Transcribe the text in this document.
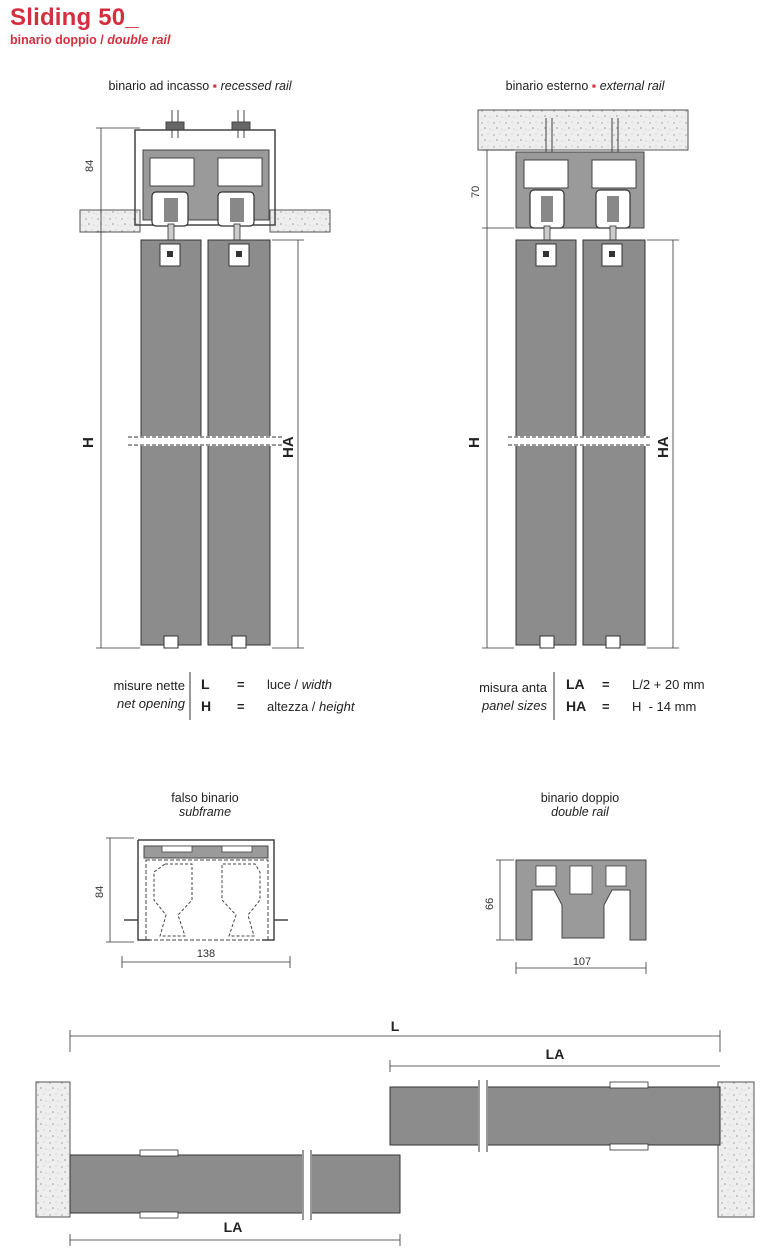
Sliding 50_
binario doppio / double rail
binario ad incasso ▪ recessed rail	binario esterno ▪ external rail
84
H	HA
70
H	HA
misure nette
net opening
L = luce / width
H = altezza / height
misura anta
panel sizes
LA = L/2 + 20 mm
HA = H  - 14 mm
falso binario
subframe
84
138
binario doppio
double rail
66
107
L
LA
LA
